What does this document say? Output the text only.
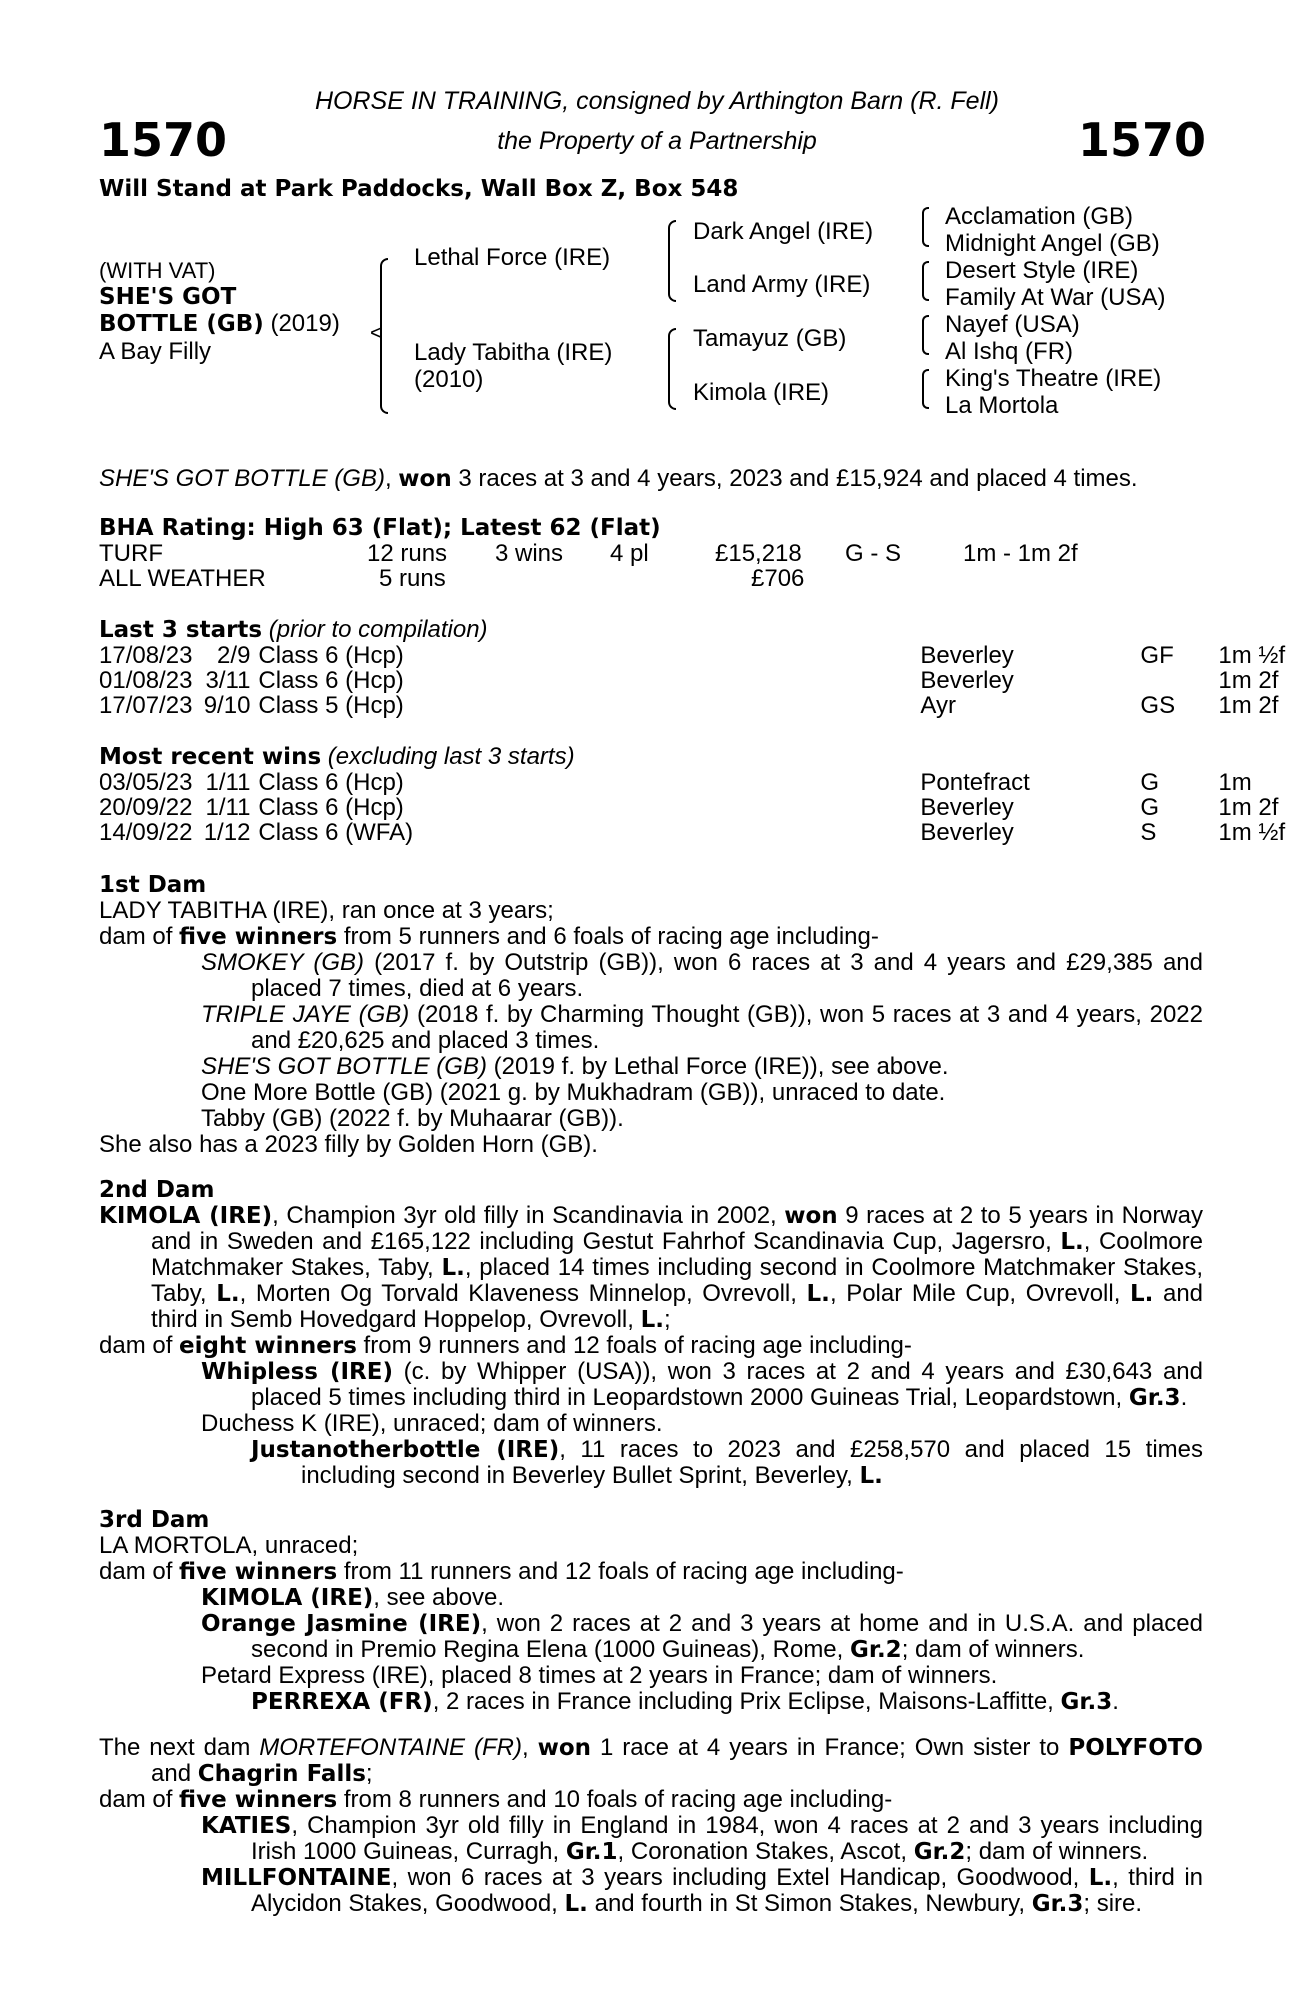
1570	1570
HORSE IN TRAINING, consigned by Arthington Barn (R. Fell)
the Property of a Partnership
Will Stand at Park Paddocks, Wall Box Z, Box 548
(WITH VAT)
SHE'S GOT
BOTTLE (GB) (2019)
A Bay Filly
<
Lethal Force (IRE)
Lady Tabitha (IRE)
(2010)
Dark Angel (IRE)
Land Army (IRE)
Tamayuz (GB)
Kimola (IRE)
Acclamation (GB)
Midnight Angel (GB)
Desert Style (IRE)
Family At War (USA)
Nayef (USA)
Al Ishq (FR)
King's Theatre (IRE)
La Mortola
SHE'S GOT BOTTLE (GB), won 3 races at 3 and 4 years, 2023 and £15,924 and placed 4 times.
BHA Rating: High 63 (Flat); Latest 62 (Flat)
TURF	12 runs	3 wins	4 pl	£15,218	G - S	1m - 1m 2f
ALL WEATHER	5 runs			£706		
Last 3 starts (prior to compilation)
17/08/23	2/9	Class 6 (Hcp)	Beverley	GF	1m ½f
01/08/23	3/11	Class 6 (Hcp)	Beverley		1m 2f
17/07/23	9/10	Class 5 (Hcp)	Ayr	GS	1m 2f
Most recent wins (excluding last 3 starts)
03/05/23	1/11	Class 6 (Hcp)	Pontefract	G	1m
20/09/22	1/11	Class 6 (Hcp)	Beverley	G	1m 2f
14/09/22	1/12	Class 6 (WFA)	Beverley	S	1m ½f

1st Dam

LADY TABITHA (IRE), ran once at 3 years;

dam of five winners from 5 runners and 6 foals of racing age including-

SMOKEY (GB) (2017 f. by Outstrip (GB)), won 6 races at 3 and 4 years and £29,385 and placed 7 times, died at 6 years.

TRIPLE JAYE (GB) (2018 f. by Charming Thought (GB)), won 5 races at 3 and 4 years, 2022 and £20,625 and placed 3 times.

SHE'S GOT BOTTLE (GB) (2019 f. by Lethal Force (IRE)), see above.

One More Bottle (GB) (2021 g. by Mukhadram (GB)), unraced to date.

Tabby (GB) (2022 f. by Muhaarar (GB)).

She also has a 2023 filly by Golden Horn (GB).

2nd Dam

KIMOLA (IRE), Champion 3yr old filly in Scandinavia in 2002, won 9 races at 2 to 5 years in Norway and in Sweden and £165,122 including Gestut Fahrhof Scandinavia Cup, Jagersro, L., Coolmore Matchmaker Stakes, Taby, L., placed 14 times including second in Coolmore Matchmaker Stakes, Taby, L., Morten Og Torvald Klaveness Minnelop, Ovrevoll, L., Polar Mile Cup, Ovrevoll, L. and third in Semb Hovedgard Hoppelop, Ovrevoll, L.;

dam of eight winners from 9 runners and 12 foals of racing age including-

Whipless (IRE) (c. by Whipper (USA)), won 3 races at 2 and 4 years and £30,643 and placed 5 times including third in Leopardstown 2000 Guineas Trial, Leopardstown, Gr.3.

Duchess K (IRE), unraced; dam of winners.

Justanotherbottle (IRE), 11 races to 2023 and £258,570 and placed 15 times including second in Beverley Bullet Sprint, Beverley, L.

3rd Dam

LA MORTOLA, unraced;

dam of five winners from 11 runners and 12 foals of racing age including-

KIMOLA (IRE), see above.

Orange Jasmine (IRE), won 2 races at 2 and 3 years at home and in U.S.A. and placed second in Premio Regina Elena (1000 Guineas), Rome, Gr.2; dam of winners.

Petard Express (IRE), placed 8 times at 2 years in France; dam of winners.

PERREXA (FR), 2 races in France including Prix Eclipse, Maisons-Laffitte, Gr.3.

The next dam MORTEFONTAINE (FR), won 1 race at 4 years in France; Own sister to POLYFOTO and Chagrin Falls;

dam of five winners from 8 runners and 10 foals of racing age including-

KATIES, Champion 3yr old filly in England in 1984, won 4 races at 2 and 3 years including Irish 1000 Guineas, Curragh, Gr.1, Coronation Stakes, Ascot, Gr.2; dam of winners.

MILLFONTAINE, won 6 races at 3 years including Extel Handicap, Goodwood, L., third in Alycidon Stakes, Goodwood, L. and fourth in St Simon Stakes, Newbury, Gr.3; sire.
